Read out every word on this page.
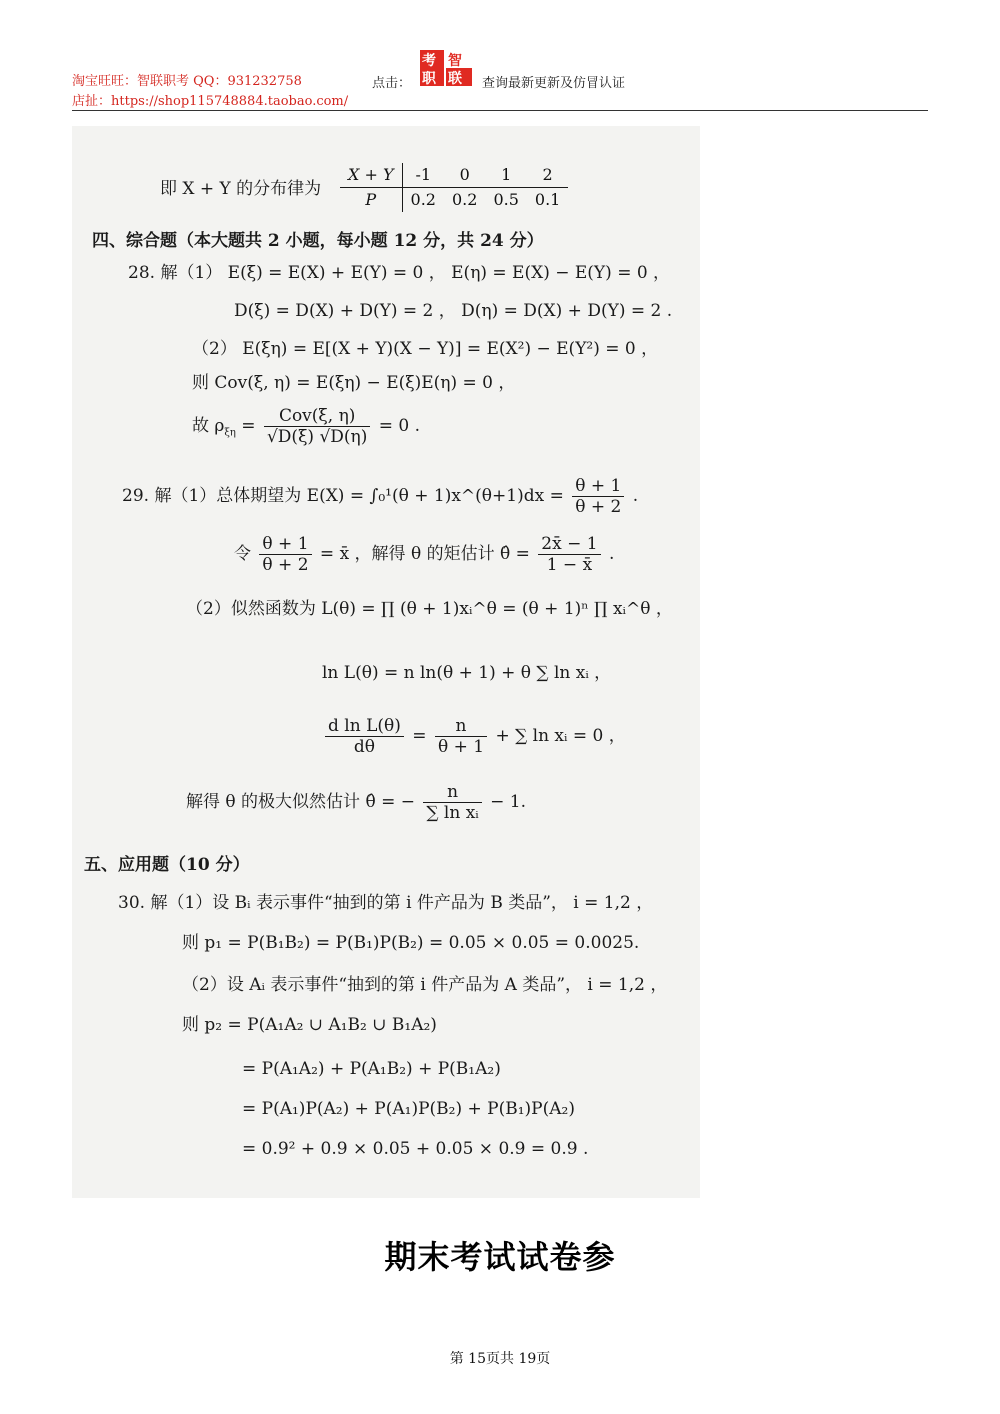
淘宝旺旺：智联职考 QQ：931232758
店扯：https://shop115748884.taobao.com/
点击：
考 智
职 联 查询最新更新及仿冒认证
即 X + Y 的分布律为
X + Y	-1	0	1	2
P	0.2	0.2	0.5	0.1
四、综合题（本大题共 2 小题，每小题 12 分，共 24 分）
28. 解（1） E(ξ) = E(X) + E(Y) = 0 ， E(η) = E(X) − E(Y) = 0 ，
D(ξ) = D(X) + D(Y) = 2 ， D(η) = D(X) + D(Y) = 2 .
（2） E(ξη) = E[(X + Y)(X − Y)] = E(X²) − E(Y²) = 0 ，
则 Cov(ξ, η) = E(ξη) − E(ξ)E(η) = 0 ，
故 $\rho_{\xi\eta} = \frac{\text{Cov(ξ, η)}}{√D(\xi) √D(\eta)} = 0$ .
29. 解（1）总体期望为 E(X) = ∫₀¹(θ + 1)x^(θ+1)dx = $\frac{\theta + 1}{\theta + 2}$ .
令 $\frac{\theta + 1}{\theta + 2}$ = x̄ ，解得 θ 的矩估计 θ̂ = $\frac{2x̄ - 1}{1 - x̄}$ .
（2）似然函数为 L(θ) = ∏ (θ + 1)xᵢ^θ = (θ + 1)ⁿ ∏ xᵢ^θ ，
ln L(θ) = n ln(θ + 1) + θ ∑ ln xᵢ ，
$\frac{\text{d ln L(θ)}}{d\theta} = \frac{n}{\theta + 1}$ + ∑ ln xᵢ = 0 ，
解得 θ 的极大似然估计 θ̂ = − $\frac{n}{\text{∑ ln xᵢ}} - 1$.
五、应用题（10 分）
30. 解（1）设 Bᵢ 表示事件“抽到的第 i 件产品为 B 类品”， i = 1,2 ，
则 p₁ = P(B₁B₂) = P(B₁)P(B₂) = 0.05 × 0.05 = 0.0025.
（2）设 Aᵢ 表示事件“抽到的第 i 件产品为 A 类品”， i = 1,2 ，
则 p₂ = P(A₁A₂ ∪ A₁B₂ ∪ B₁A₂)
= P(A₁A₂) + P(A₁B₂) + P(B₁A₂)
= P(A₁)P(A₂) + P(A₁)P(B₂) + P(B₁)P(A₂)
= 0.9² + 0.9 × 0.05 + 0.05 × 0.9 = 0.9 .
期末考试试卷参
第 15页共 19页
